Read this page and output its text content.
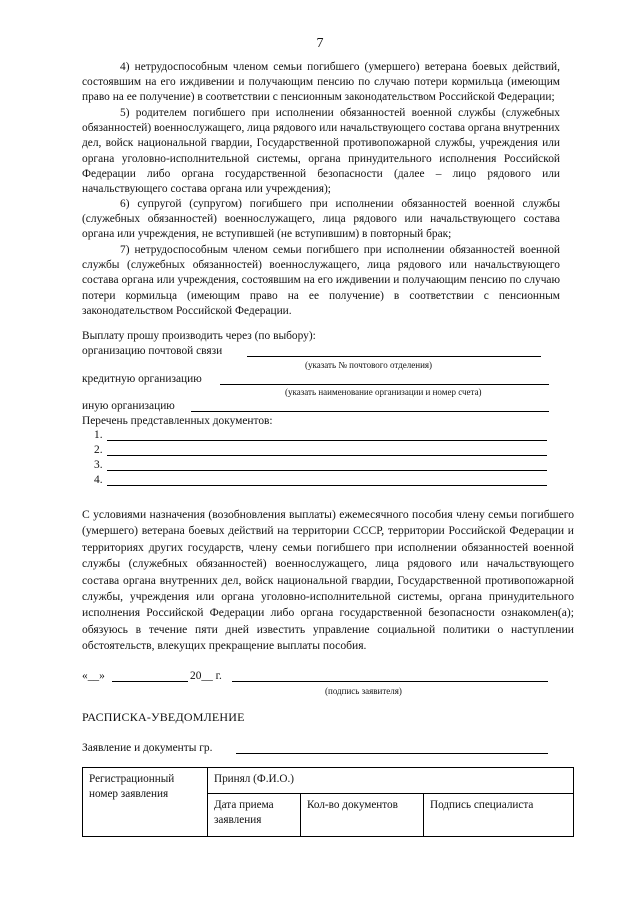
7
4) нетрудоспособным членом семьи погибшего (умершего) ветерана боевых действий, состоявшим на его иждивении и получающим пенсию по случаю потери кормильца (имеющим право на ее получение) в соответствии с пенсионным законодательством Российской Федерации;
5) родителем погибшего при исполнении обязанностей военной службы (служебных обязанностей) военнослужащего, лица рядового или начальствующего состава органа внутренних дел, войск национальной гвардии, Государственной противопожарной службы, учреждения или органа уголовно-исполнительной системы, органа принудительного исполнения Российской Федерации либо органа государственной безопасности (далее – лицо рядового или начальствующего состава органа или учреждения);
6) супругой (супругом) погибшего при исполнении обязанностей военной службы (служебных обязанностей) военнослужащего, лица рядового или начальствующего состава органа или учреждения, не вступившей (не вступившим) в повторный брак;
7) нетрудоспособным членом семьи погибшего при исполнении обязанностей военной службы (служебных обязанностей) военнослужащего, лица рядового или начальствующего состава органа или учреждения, состоявшим на его иждивении и получающим пенсию по случаю потери кормильца (имеющим право на ее получение) в соответствии с пенсионным законодательством Российской Федерации.
Выплату прошу производить через (по выбору):
организацию почтовой связи
(указать № почтового отделения)
кредитную организацию
(указать наименование организации и номер счета)
иную организацию
Перечень представленных документов:
1.
2.
3.
4.
С условиями назначения (возобновления выплаты) ежемесячного пособия члену семьи погибшего (умершего) ветерана боевых действий на территории СССР, территории Российской Федерации и территориях других государств, члену семьи погибшего при исполнении обязанностей военной службы (служебных обязанностей) военнослужащего, лица рядового или начальствующего состава органа внутренних дел, войск национальной гвардии, Государственной противопожарной службы, учреждения или органа уголовно-исполнительной системы, органа принудительного исполнения Российской Федерации либо органа государственной безопасности ознакомлен(а); обязуюсь в течение пяти дней известить управление социальной политики о наступлении обстоятельств, влекущих прекращение выплаты пособия.
«__»	20__ г.
(подпись заявителя)
РАСПИСКА-УВЕДОМЛЕНИЕ
Заявление и документы гр.
Регистрационный номер заявления	Принял (Ф.И.О.)		
	Дата приема заявления	Кол-во документов	Подпись специалиста
